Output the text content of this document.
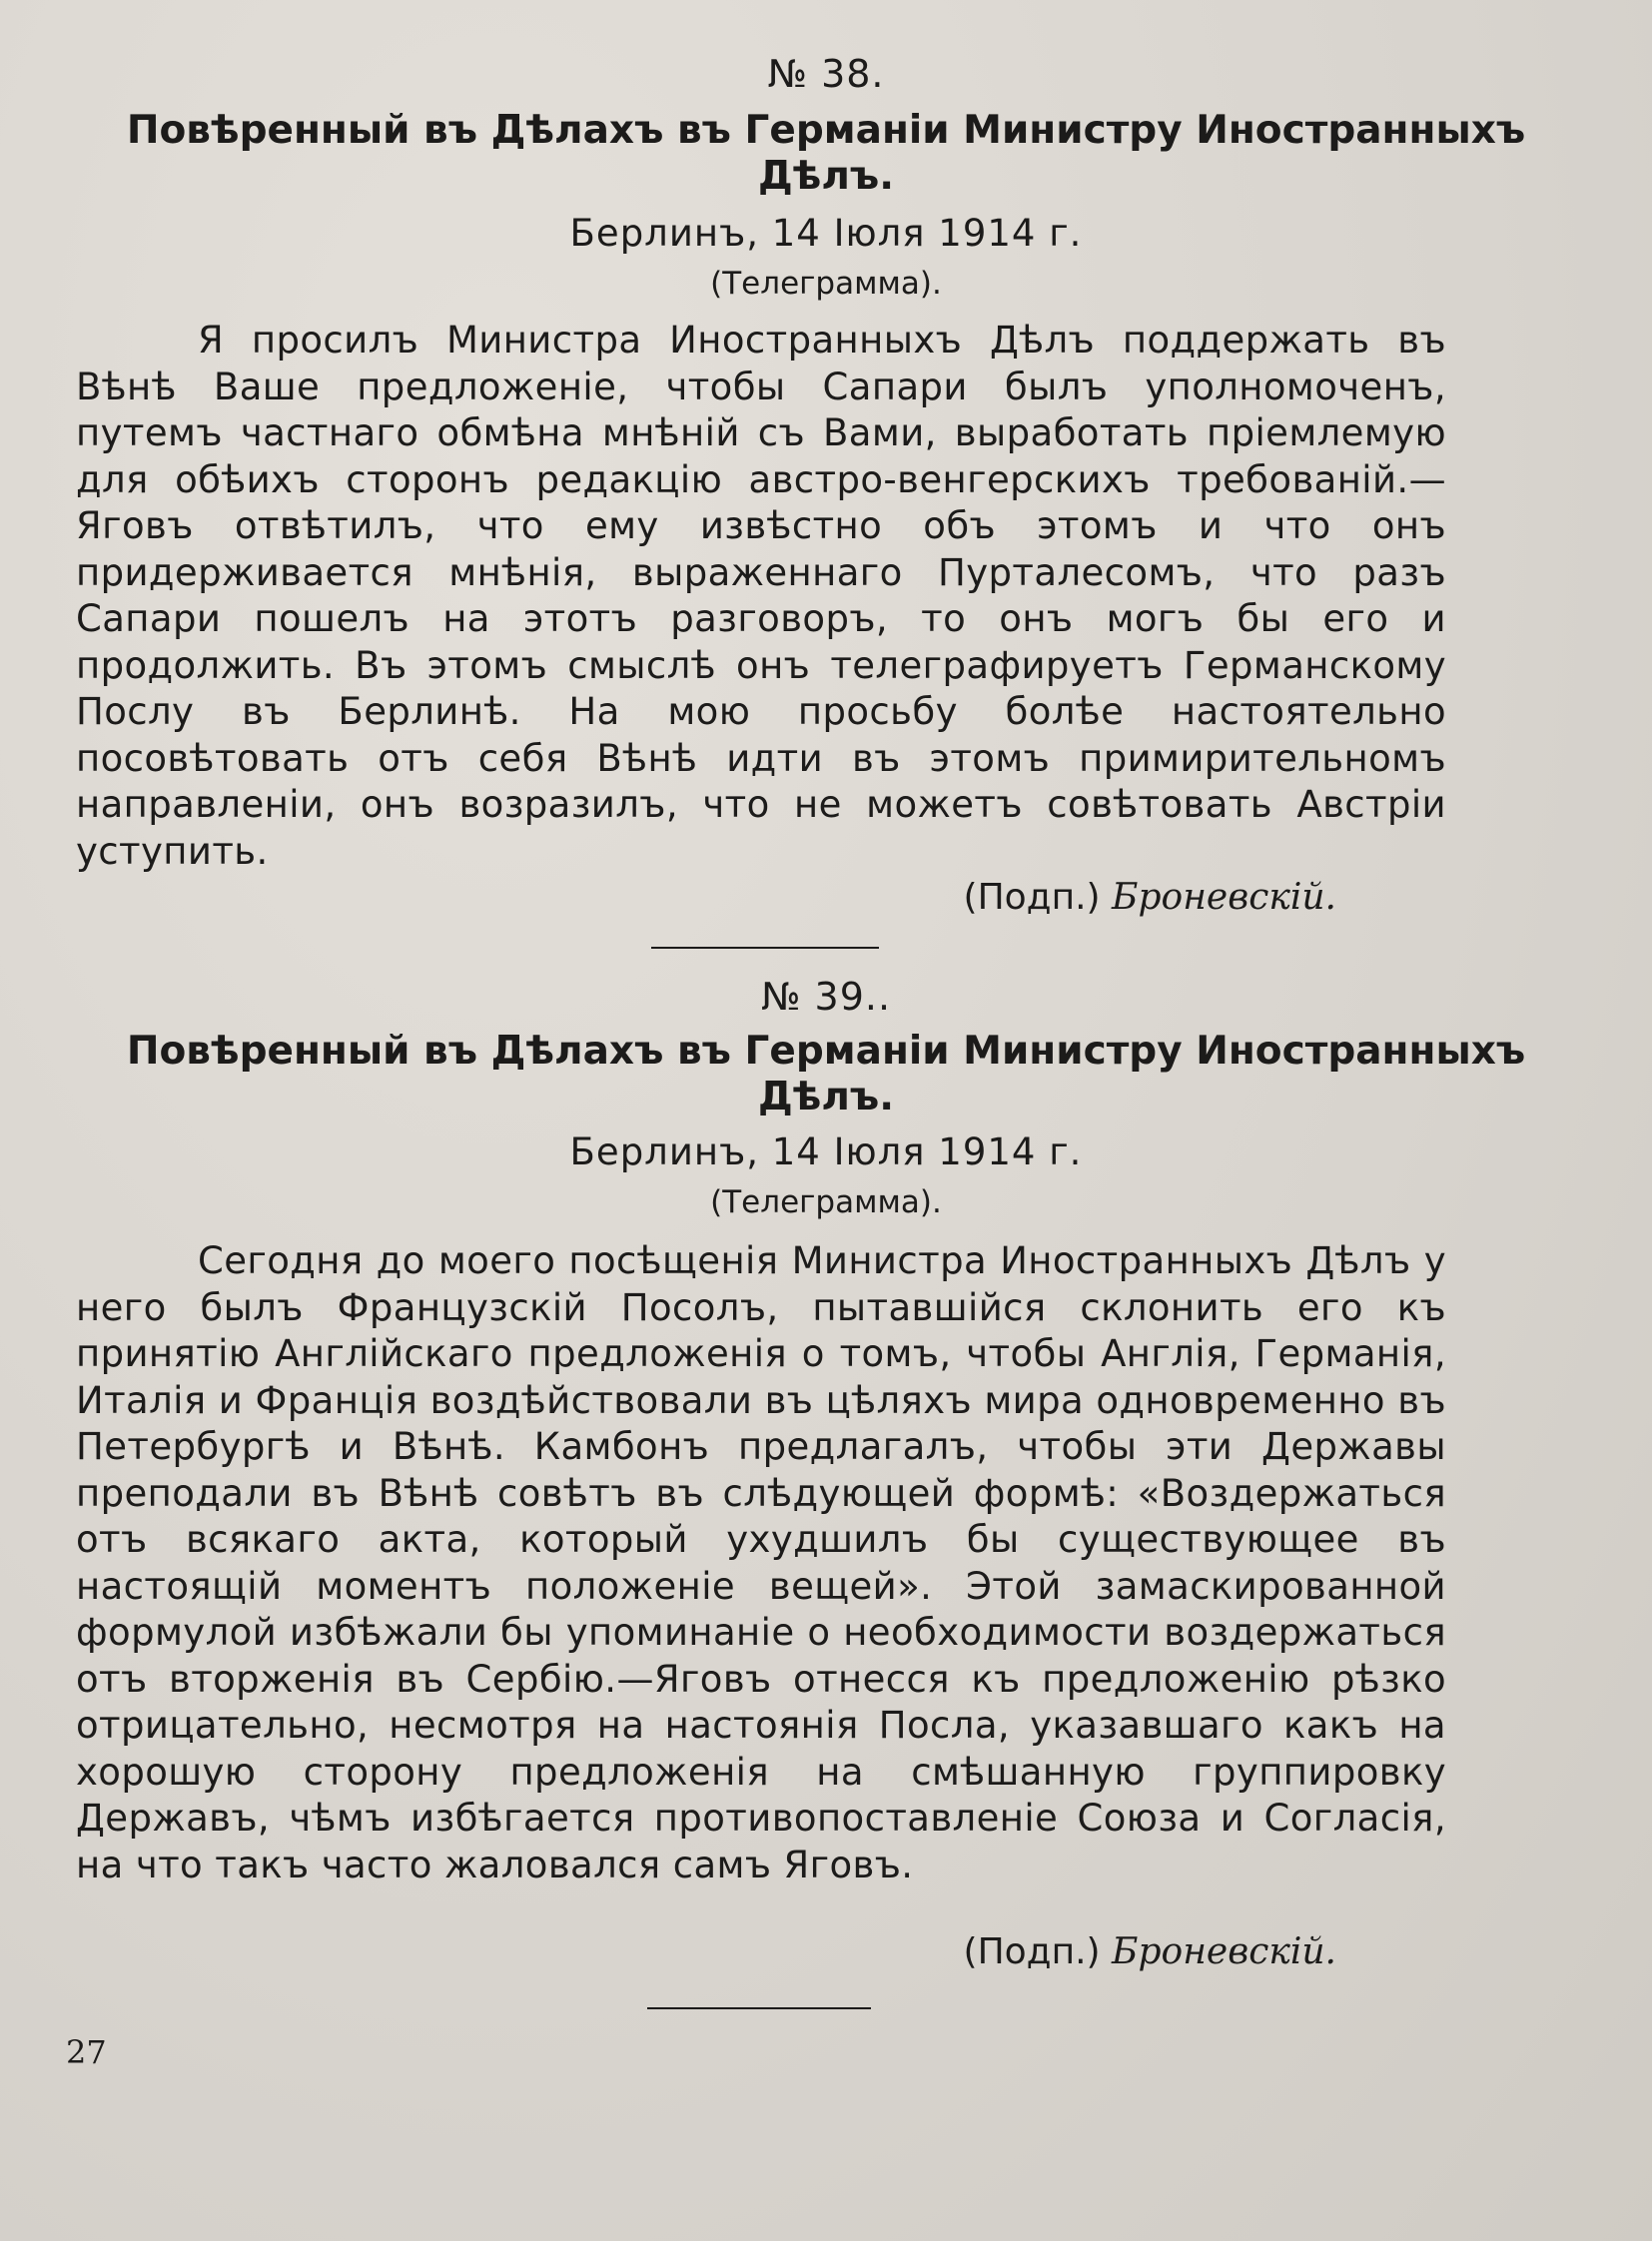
№ 38.
Повѣренный въ Дѣлахъ въ Германіи Министру Иностранныхъ Дѣлъ.
Берлинъ, 14 Іюля 1914 г.
(Телеграмма).

Я просилъ Министра Иностранныхъ Дѣлъ поддержать въ Вѣнѣ Ваше предложеніе, чтобы Сапари былъ уполномоченъ, путемъ частнаго обмѣна мнѣній съ Вами, выработать пріемлемую для обѣихъ сторонъ редакцію австро-венгерскихъ требованій.—Яговъ отвѣтилъ, что ему извѣстно объ этомъ и что онъ придерживается мнѣнія, выраженнаго Пурталесомъ, что разъ Сапари пошелъ на этотъ разговоръ, то онъ могъ бы его и продолжить. Въ этомъ смыслѣ онъ телеграфируетъ Германскому Послу въ Берлинѣ. На мою просьбу болѣе настоятельно посовѣтовать отъ себя Вѣнѣ идти въ этомъ примирительномъ направленіи, онъ возразилъ, что не можетъ совѣтовать Австріи уступить.

(Подп.) Броневскій.
№ 39..
Повѣренный въ Дѣлахъ въ Германіи Министру Иностранныхъ Дѣлъ.
Берлинъ, 14 Іюля 1914 г.
(Телеграмма).

Сегодня до моего посѣщенія Министра Иностранныхъ Дѣлъ у него былъ Французскій Посолъ, пытавшійся склонить его къ принятію Англійскаго предложенія о томъ, чтобы Англія, Германія, Италія и Франція воздѣйствовали въ цѣляхъ мира одновременно въ Петербургѣ и Вѣнѣ. Камбонъ предлагалъ, чтобы эти Державы преподали въ Вѣнѣ совѣтъ въ слѣдующей формѣ: «Воздержаться отъ всякаго акта, который ухудшилъ бы существующее въ настоящій моментъ положеніе вещей». Этой замаскированной формулой избѣжали бы упоминаніе о необходимости воздержаться отъ вторженія въ Сербію.—Яговъ отнесся къ предложенію рѣзко отрицательно, несмотря на настоянія Посла, указавшаго какъ на хорошую сторону предложенія на смѣшанную группировку Державъ, чѣмъ избѣгается противопоставленіе Союза и Согласія, на что такъ часто жаловался самъ Яговъ.

(Подп.) Броневскій.
27
